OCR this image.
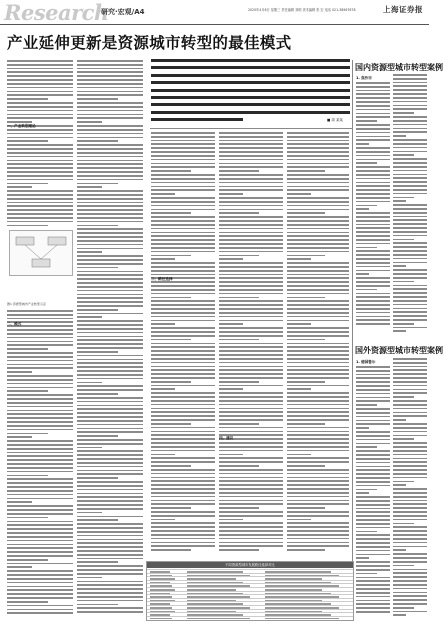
Research
研究·宏观/A4	2020年4月8日 星期三 责任编辑 刘明 美术编辑 张 宏 电话 021-38967678	上海证券报
产业延伸更新是资源城市转型的最佳模式
■ 周 某某
一、产业转型理论
二、模式
三、路径选择
四、建议
图1 资源型城市产业转型示意
国内资源型城市转型案例
1. 焦作市
国外资源型城市转型案例
1. 德国鲁尔
不同资源型城市发展路径选择对比
